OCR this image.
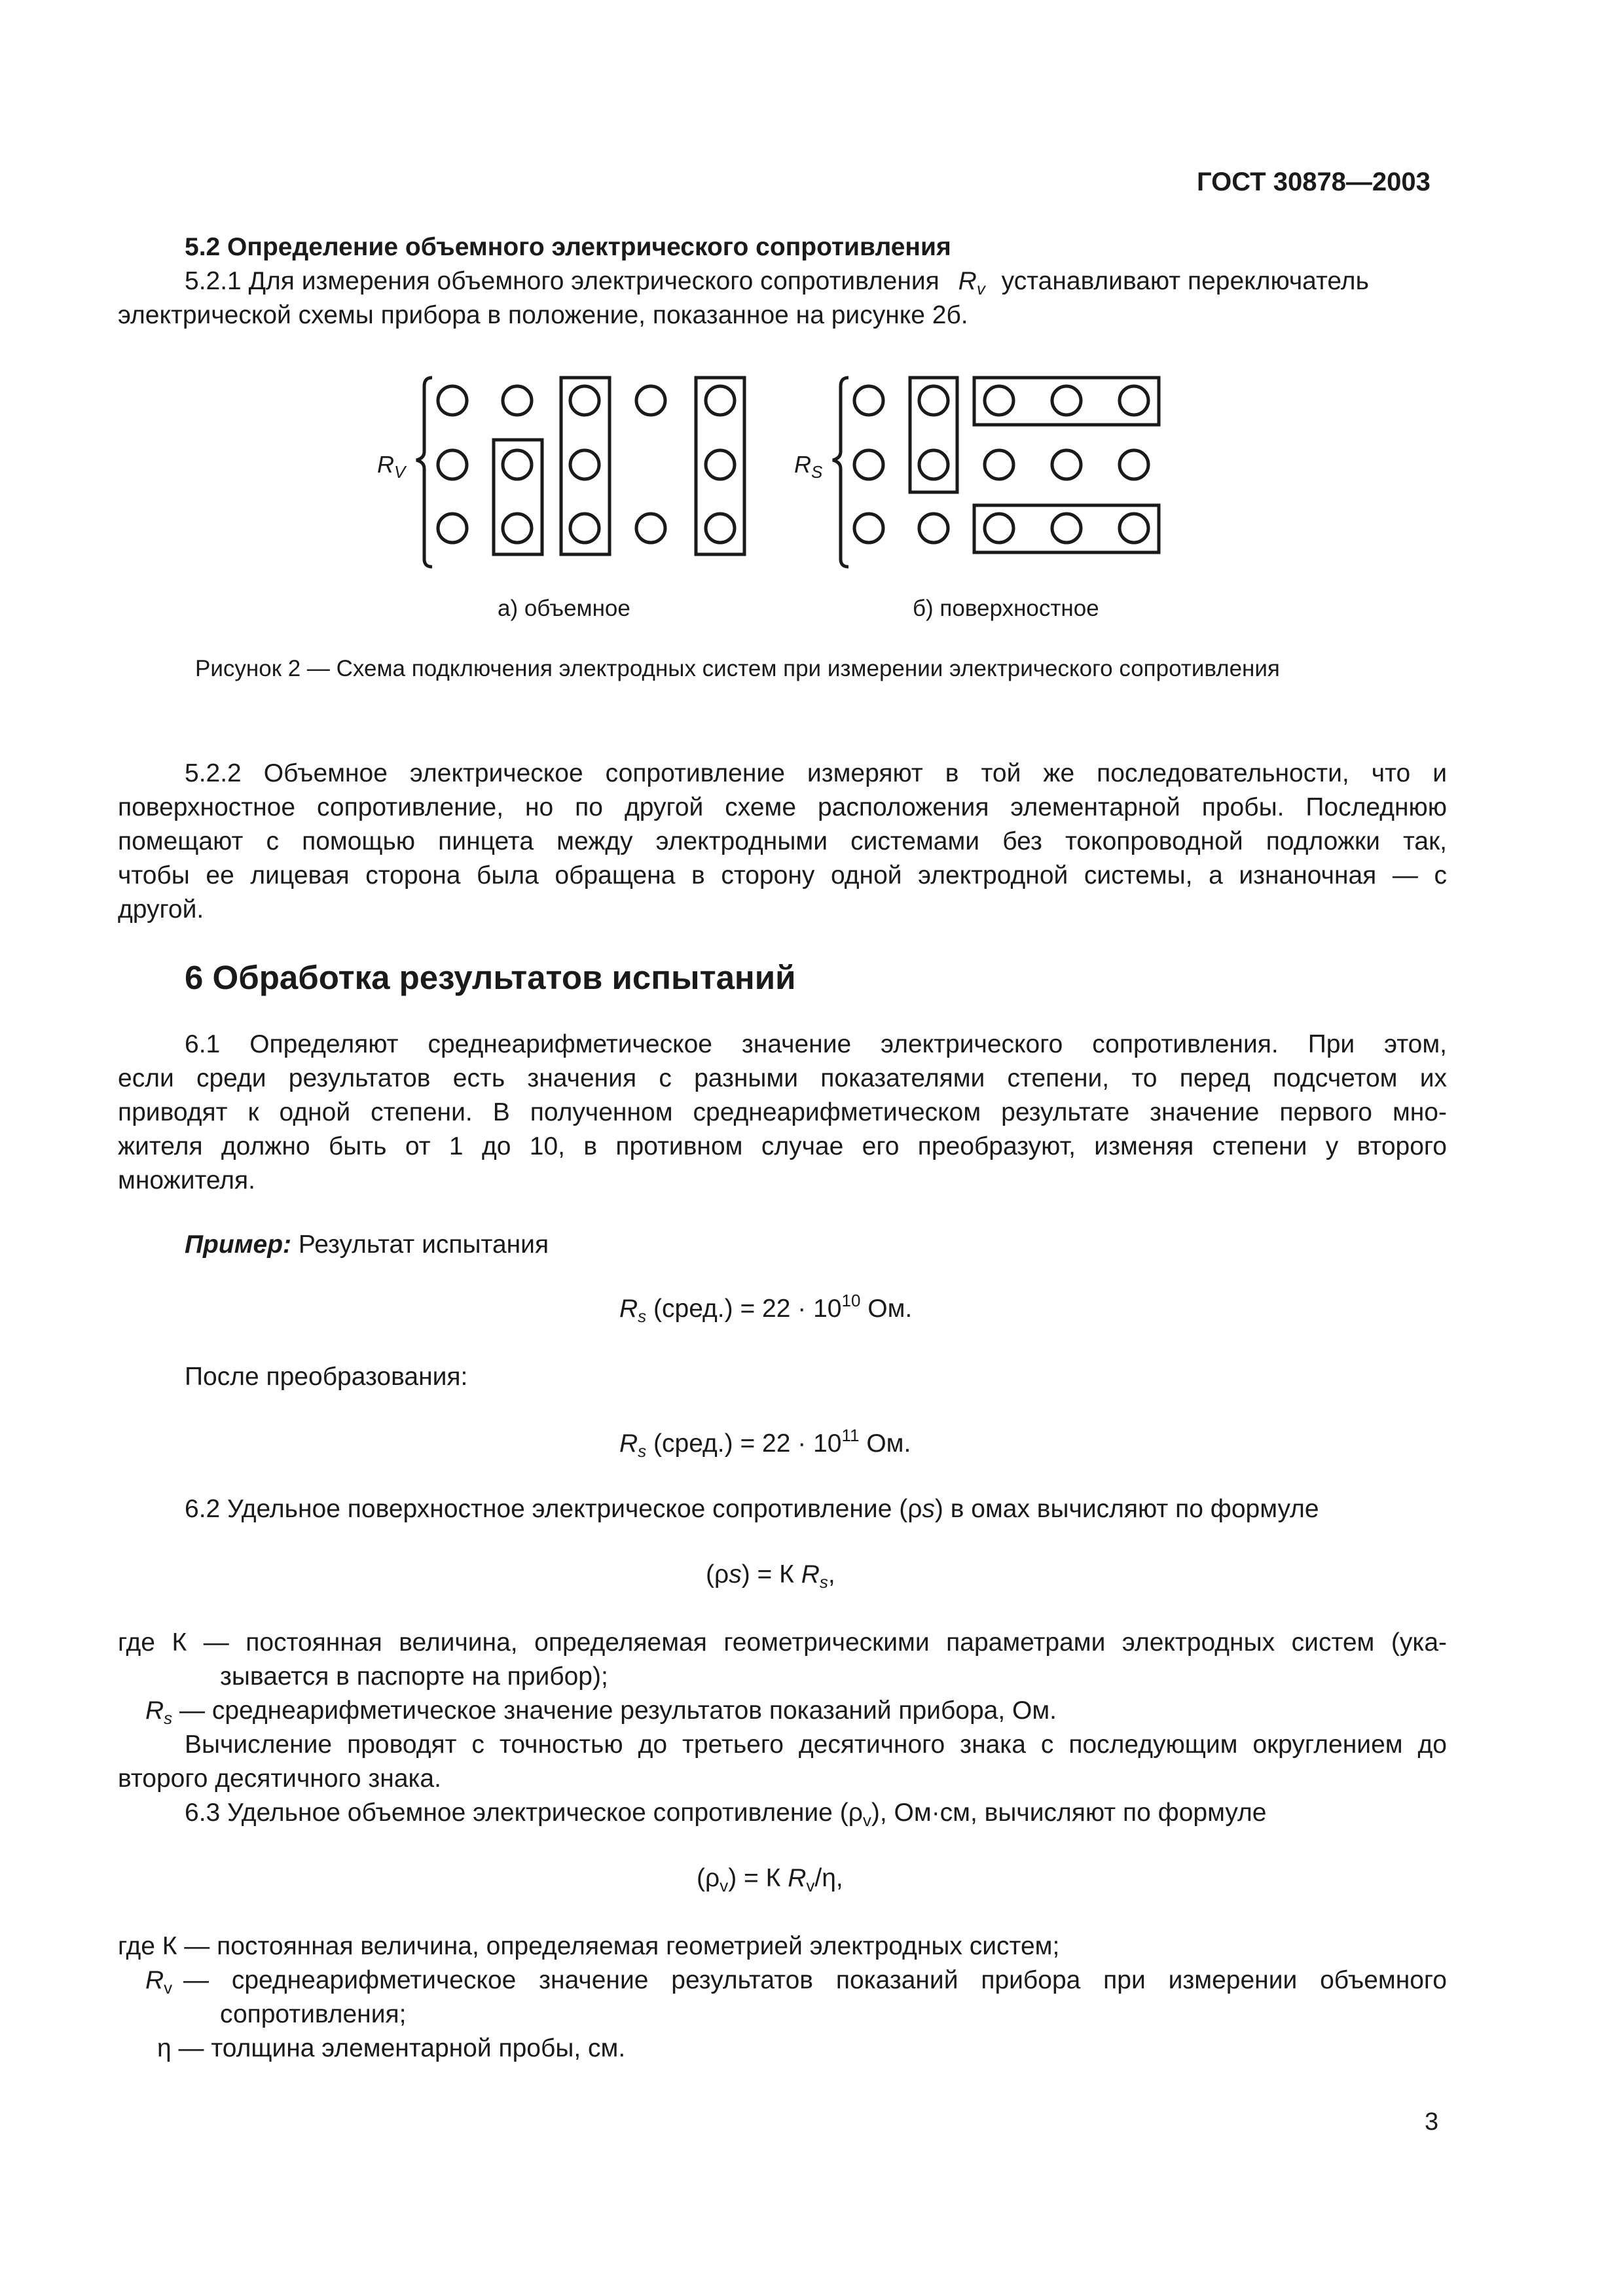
ГОСТ 30878—2003
5.2 Определение объемного электрического сопротивления
5.2.1 Для измерения объемного электрического сопротивления $R_v$ устанавливают переключатель
электрической схемы прибора в положение, показанное на рисунке 2б.
$R_V$	$R_S$
а) объемное	б) поверхностное
Рисунок 2 — Схема подключения электродных систем при измерении электрического сопротивления
5.2.2 Объемное электрическое сопротивление измеряют в той же последовательности, что и
поверхностное сопротивление, но по другой схеме расположения элементарной пробы. Последнюю
помещают с помощью пинцета между электродными системами без токопроводной подложки так,
чтобы ее лицевая сторона была обращена в сторону одной электродной системы, а изнаночная — с
другой.
6 Обработка результатов испытаний
6.1 Определяют среднеарифметическое значение электрического сопротивления. При этом,
если среди результатов есть значения с разными показателями степени, то перед подсчетом их
приводят к одной степени. В полученном среднеарифметическом результате значение первого мно-
жителя должно быть от 1 до 10, в противном случае его преобразуют, изменяя степени у второго
множителя.
Пример: Результат испытания
$R_s$ (сред.) = $22 \cdot 10^{10}$ Ом.
После преобразования:
$R_s$ (сред.) = $22 \cdot 10^{11}$ Ом.
6.2 Удельное поверхностное электрическое сопротивление (ρs) в омах вычисляют по формуле
(ρs) = К $R_s$,
где К — постоянная величина, определяемая геометрическими параметрами электродных систем (ука-
зывается в паспорте на прибор);
$R_s$ — среднеарифметическое значение результатов показаний прибора, Ом.
Вычисление проводят с точностью до третьего десятичного знака с последующим округлением до
второго десятичного знака.
6.3 Удельное объемное электрическое сопротивление $(\rho_v)$, Ом·см, вычисляют по формуле
$(\rho_v) = К$ $R_v/\eta$,
где К — постоянная величина, определяемая геометрией электродных систем;
$R_v$ — среднеарифметическое значение результатов показаний прибора при измерении объемного
сопротивления;
η — толщина элементарной пробы, см.
3
